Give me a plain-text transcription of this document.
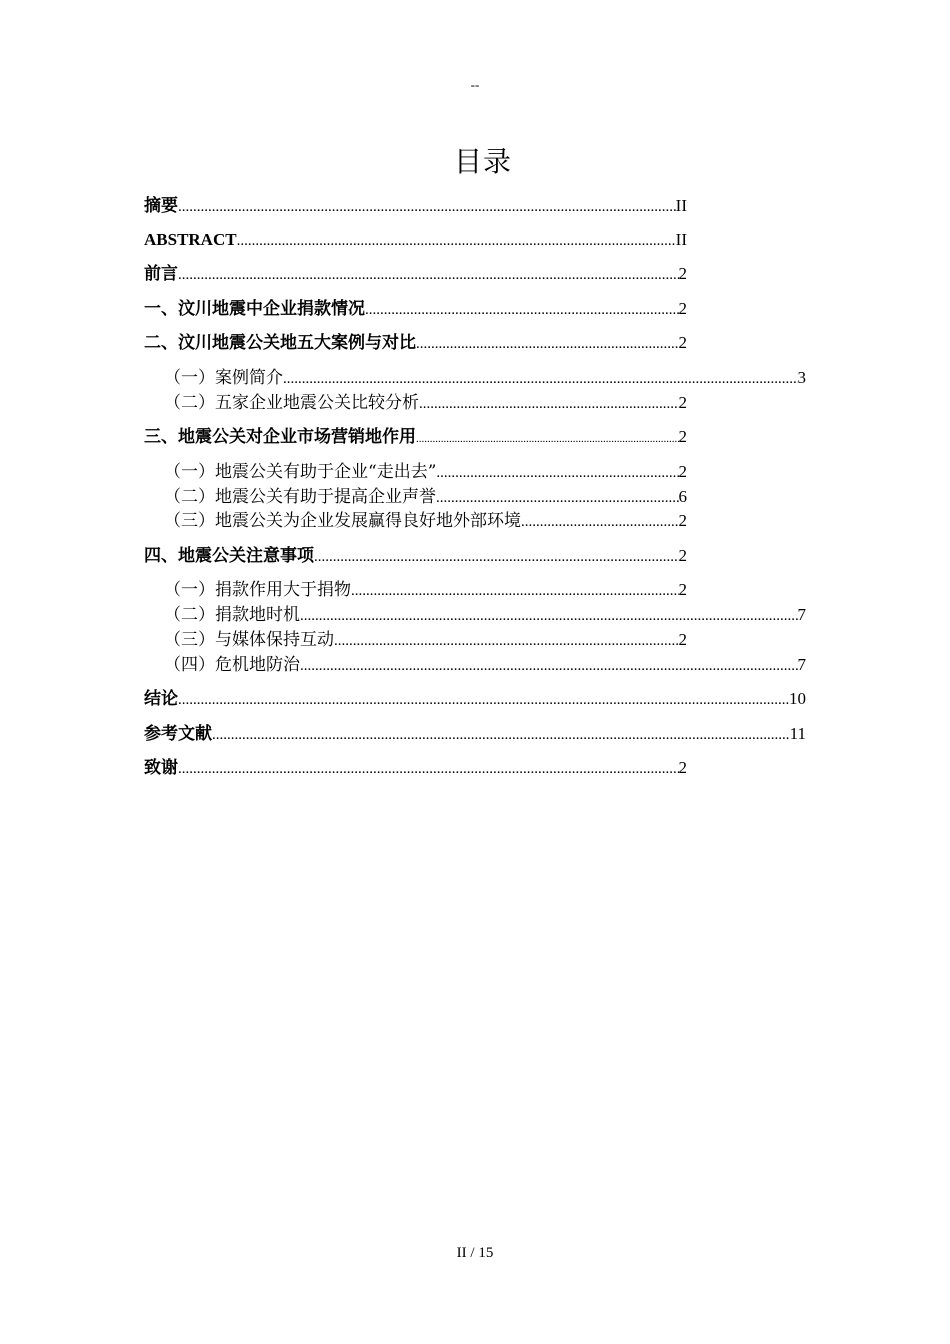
--
目录
摘要 .....	II
ABSTRACT .....	II
前言 .....	2
一、汶川地震中企业捐款情况 .....	2
二、汶川地震公关地五大案例与对比 .....	2
（一）案例简介 .....	3
（二）五家企业地震公关比较分析 .....	2
三、地震公关对企业市场营销地作用 .....	2
（一）地震公关有助于企业“走出去” .....	2
（二）地震公关有助于提高企业声誉 .....	6
（三）地震公关为企业发展赢得良好地外部环境 .....	2
四、地震公关注意事项 .....	2
（一）捐款作用大于捐物 .....	2
（二）捐款地时机 .....	7
（三）与媒体保持互动 .....	2
（四）危机地防治 .....	7
结论 .....	10
参考文献 .....	11
致谢 .....	2
II / 15
